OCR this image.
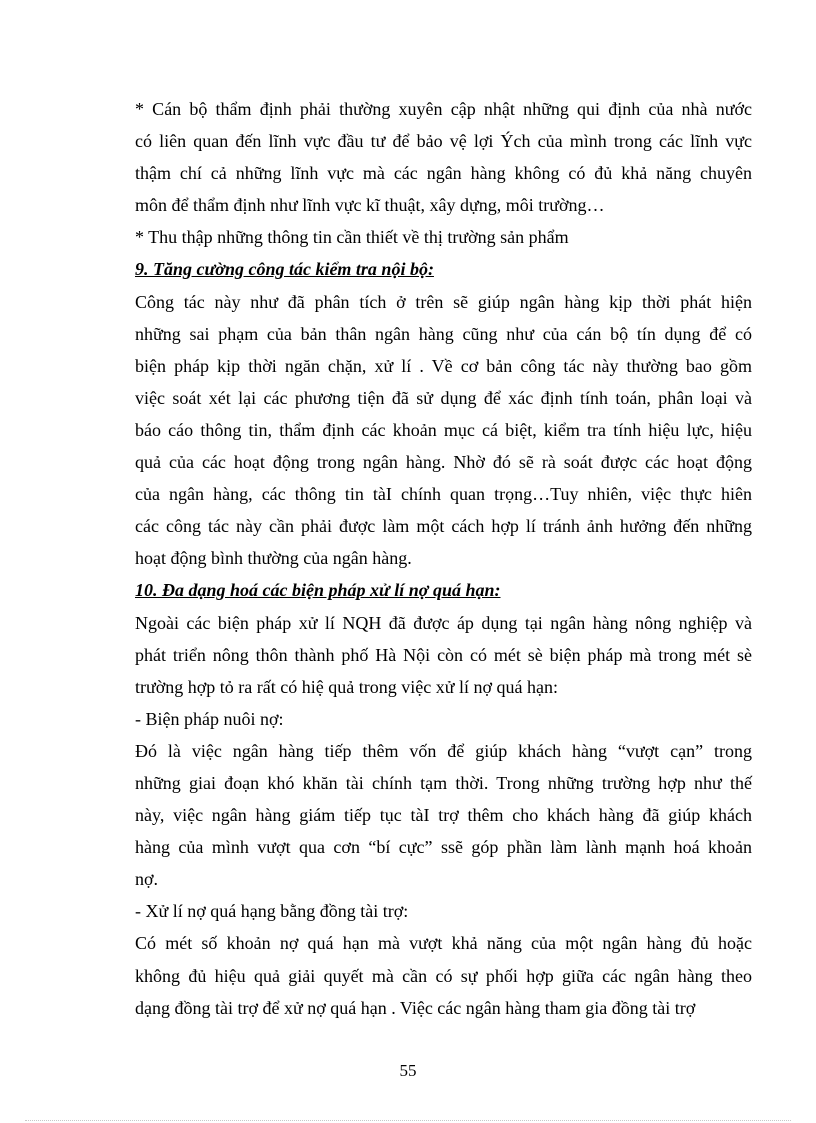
* Cán bộ thẩm định phải thường xuyên cập nhật những qui định của nhà nước
có liên quan đến lĩnh vực đầu tư để bảo vệ lợi Ých của mình trong các lĩnh vực
thậm chí cả những lĩnh vực mà các ngân hàng không có đủ khả năng chuyên
môn để thẩm định như lĩnh vực kĩ thuật, xây dựng, môi trường…
* Thu thập những thông tin cần thiết về thị trường sản phẩm
9. Tăng cường công tác kiểm tra nội bộ:
Công tác này như đã phân tích ở trên sẽ giúp ngân hàng kịp thời phát hiện
những sai phạm của bản thân ngân hàng cũng như của cán bộ tín dụng để có
biện pháp kịp thời ngăn chặn, xử lí . Về cơ bản công tác này thường bao gồm
việc soát xét lại các phương tiện đã sử dụng để xác định tính toán, phân loại và
báo cáo thông tin, thẩm định các khoản mục cá biệt, kiểm tra tính hiệu lực, hiệu
quả của các hoạt động trong ngân hàng. Nhờ đó sẽ rà soát được các hoạt động
của ngân hàng, các thông tin tàI chính quan trọng…Tuy nhiên, việc thực hiên
các công tác này cần phải được làm một cách hợp lí tránh ảnh hưởng đến những
hoạt động bình thường của ngân hàng.
10. Đa dạng hoá các biện pháp xử lí nợ quá hạn:
Ngoài các biện pháp xử lí NQH đã được áp dụng tại ngân hàng nông nghiệp và
phát triển nông thôn thành phố Hà Nội còn có mét sè biện pháp mà trong mét sè
trường hợp tỏ ra rất có hiệ quả trong việc xử lí nợ quá hạn:
- Biện pháp nuôi nợ:
Đó là việc ngân hàng tiếp thêm vốn để giúp khách hàng “vượt cạn” trong
những giai đoạn khó khăn tài chính tạm thời. Trong những trường hợp như thế
này, việc ngân hàng giám tiếp tục tàI trợ thêm cho khách hàng đã giúp khách
hàng của mình vượt qua cơn “bí cực” ssẽ góp phần làm lành mạnh hoá khoản
nợ.
- Xử lí nợ quá hạng bằng đồng tài trợ:
Có mét số khoản nợ quá hạn mà vượt khả năng của một ngân hàng đủ hoặc
không đủ hiệu quả giải quyết mà cần có sự phối hợp giữa các ngân hàng theo
dạng đồng tài trợ để xử nợ quá hạn . Việc các ngân hàng tham gia đồng tài trợ
55
